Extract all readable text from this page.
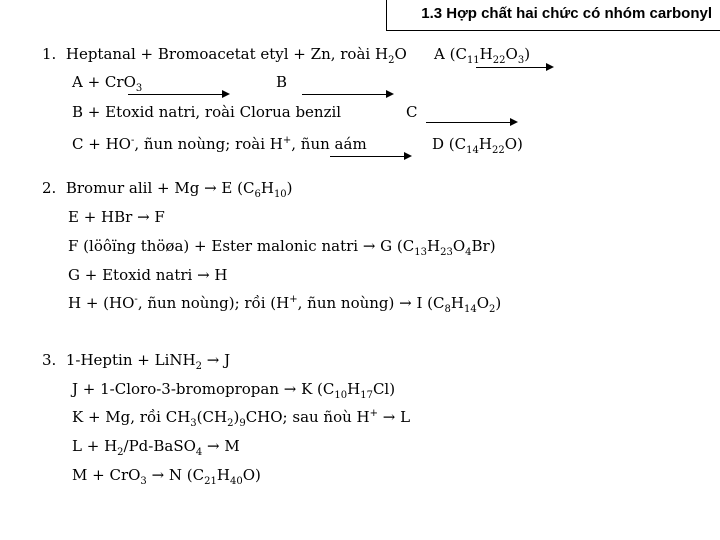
1.3 Hợp chất hai chức có nhóm carbonyl
1. Heptanal + Bromoacetat etyl + Zn, roài $H_2O$ A $(C_{11}H_{22}O_3)$
A + CrO$_3$	B
B + Etoxid natri, roài Clorua benzil	C
C + HO-, ñun noùng; roài H+, ñun aám	D $(C_{14}H_{22}O)$
2. Bromur alil + Mg → E $(C_6H_{10})$
E + HBr → F
F (löôïng thöøa) + Ester malonic natri → G $(C_{13}H_{23}O_4Br)$
G + Etoxid natri → H
H + (HO-, ñun noùng); rồi (H+, ñun noùng) → I $(C_8H_{14}O_2)$
3. 1-Heptin + LiNH$_2$ → J
J + 1-Cloro-3-bromopropan → K $(C_{10}H_{17}Cl)$
K + Mg, rồi $CH_3(CH_2)_9CHO$; sau ñoù H+ → L
$L + H_2/Pd-BaSO_4 \to M$
M + CrO$_3$ → N $(C_{21}H_{40}O)$
